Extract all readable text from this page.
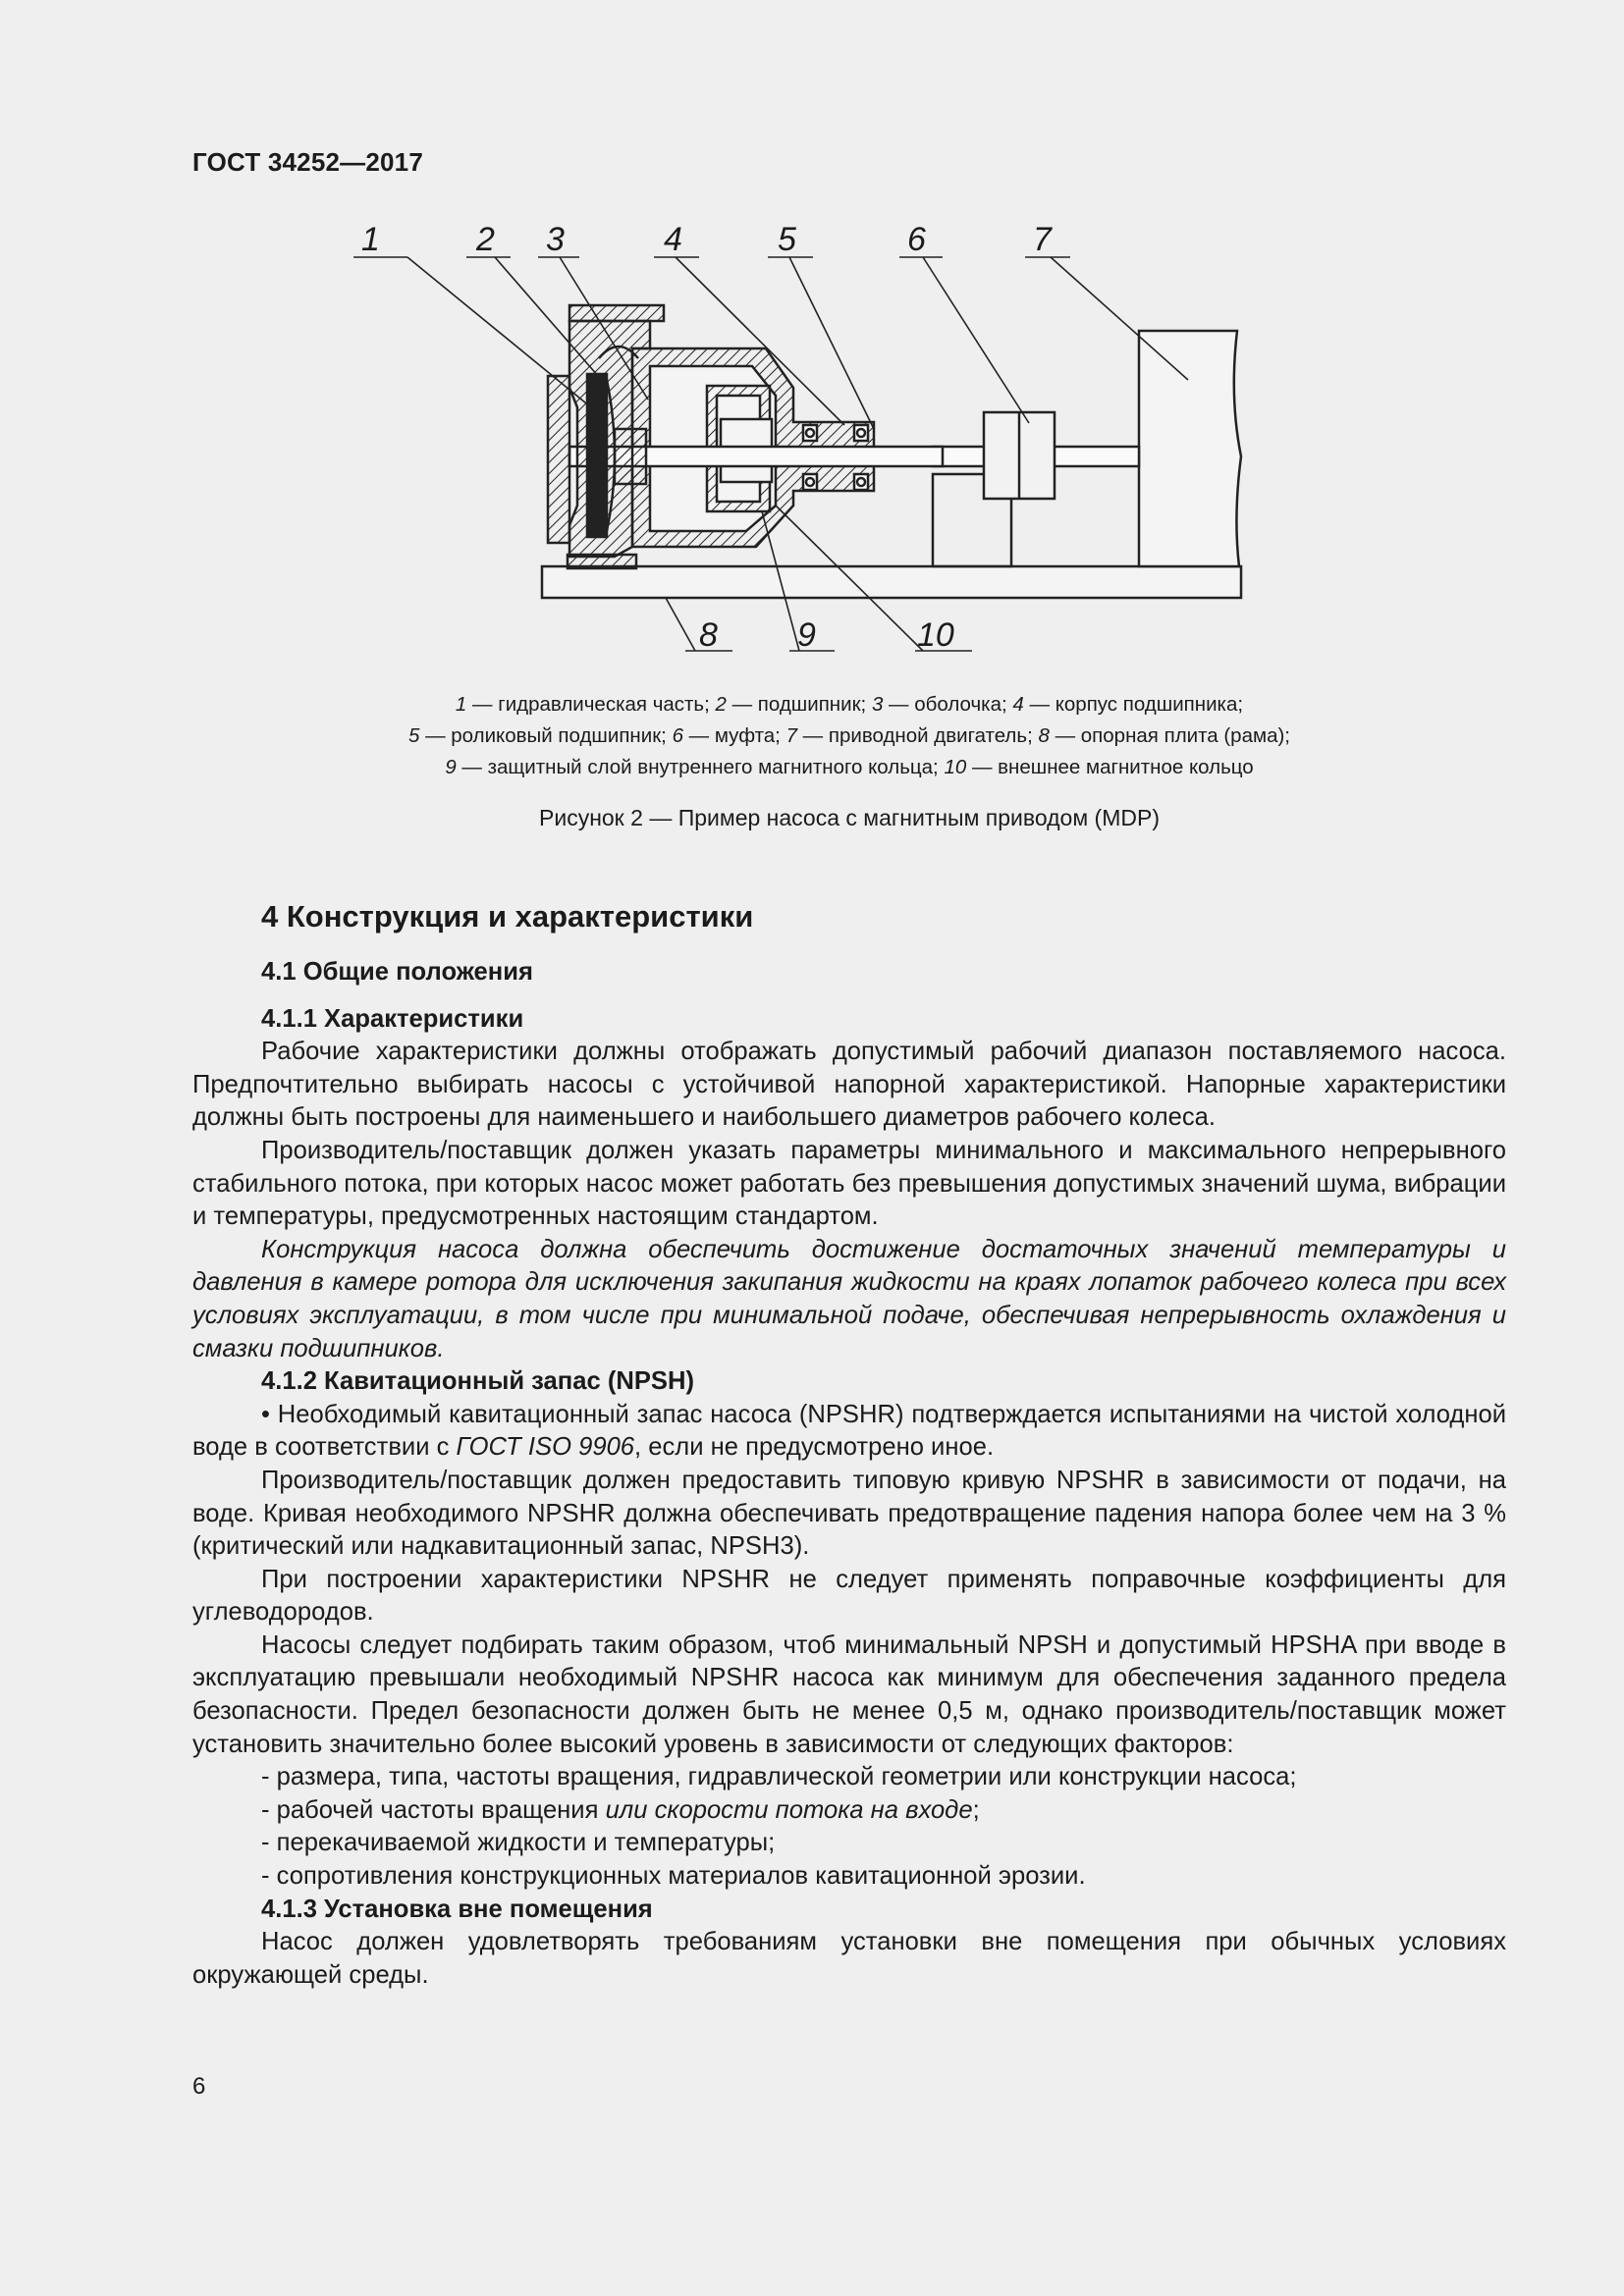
ГОСТ 34252—2017
1	2 3	4	5	6	7
8 9	10
1 — гидравлическая часть; 2 — подшипник; 3 — оболочка; 4 — корпус подшипника;
5 — роликовый подшипник; 6 — муфта; 7 — приводной двигатель; 8 — опорная плита (рама);
9 — защитный слой внутреннего магнитного кольца; 10 — внешнее магнитное кольцо
Рисунок 2 — Пример насоса с магнитным приводом (MDP)
4 Конструкция и характеристики
4.1 Общие положения
4.1.1 Характеристики

Рабочие характеристики должны отображать допустимый рабочий диапазон поставляемого насоса. Предпочтительно выбирать насосы с устойчивой напорной характеристикой. Напорные характеристики должны быть построены для наименьшего и наибольшего диаметров рабочего колеса.

Производитель/поставщик должен указать параметры минимального и максимального непрерывного стабильного потока, при которых насос может работать без превышения допустимых значений шума, вибрации и температуры, предусмотренных настоящим стандартом.

Конструкция насоса должна обеспечить достижение достаточных значений температуры и давления в камере ротора для исключения закипания жидкости на краях лопаток рабочего колеса при всех условиях эксплуатации, в том числе при минимальной подаче, обеспечивая непрерывность охлаждения и смазки подшипников.

4.1.2 Кавитационный запас (NPSH)

• Необходимый кавитационный запас насоса (NPSHR) подтверждается испытаниями на чистой холодной воде в соответствии с ГОСТ ISO 9906, если не предусмотрено иное.

Производитель/поставщик должен предоставить типовую кривую NPSHR в зависимости от подачи, на воде. Кривая необходимого NPSHR должна обеспечивать предотвращение падения напора более чем на 3 % (критический или надкавитационный запас, NPSH3).

При построении характеристики NPSHR не следует применять поправочные коэффициенты для углеводородов.

Насосы следует подбирать таким образом, чтоб минимальный NPSH и допустимый HPSHA при вводе в эксплуатацию превышали необходимый NPSHR насоса как минимум для обеспечения заданного предела безопасности. Предел безопасности должен быть не менее 0,5 м, однако производитель/поставщик может установить значительно более высокий уровень в зависимости от следующих факторов:

- размера, типа, частоты вращения, гидравлической геометрии или конструкции насоса;

- рабочей частоты вращения или скорости потока на входе;

- перекачиваемой жидкости и температуры;

- сопротивления конструкционных материалов кавитационной эрозии.

4.1.3 Установка вне помещения

Насос должен удовлетворять требованиям установки вне помещения при обычных условиях окружающей среды.

6
